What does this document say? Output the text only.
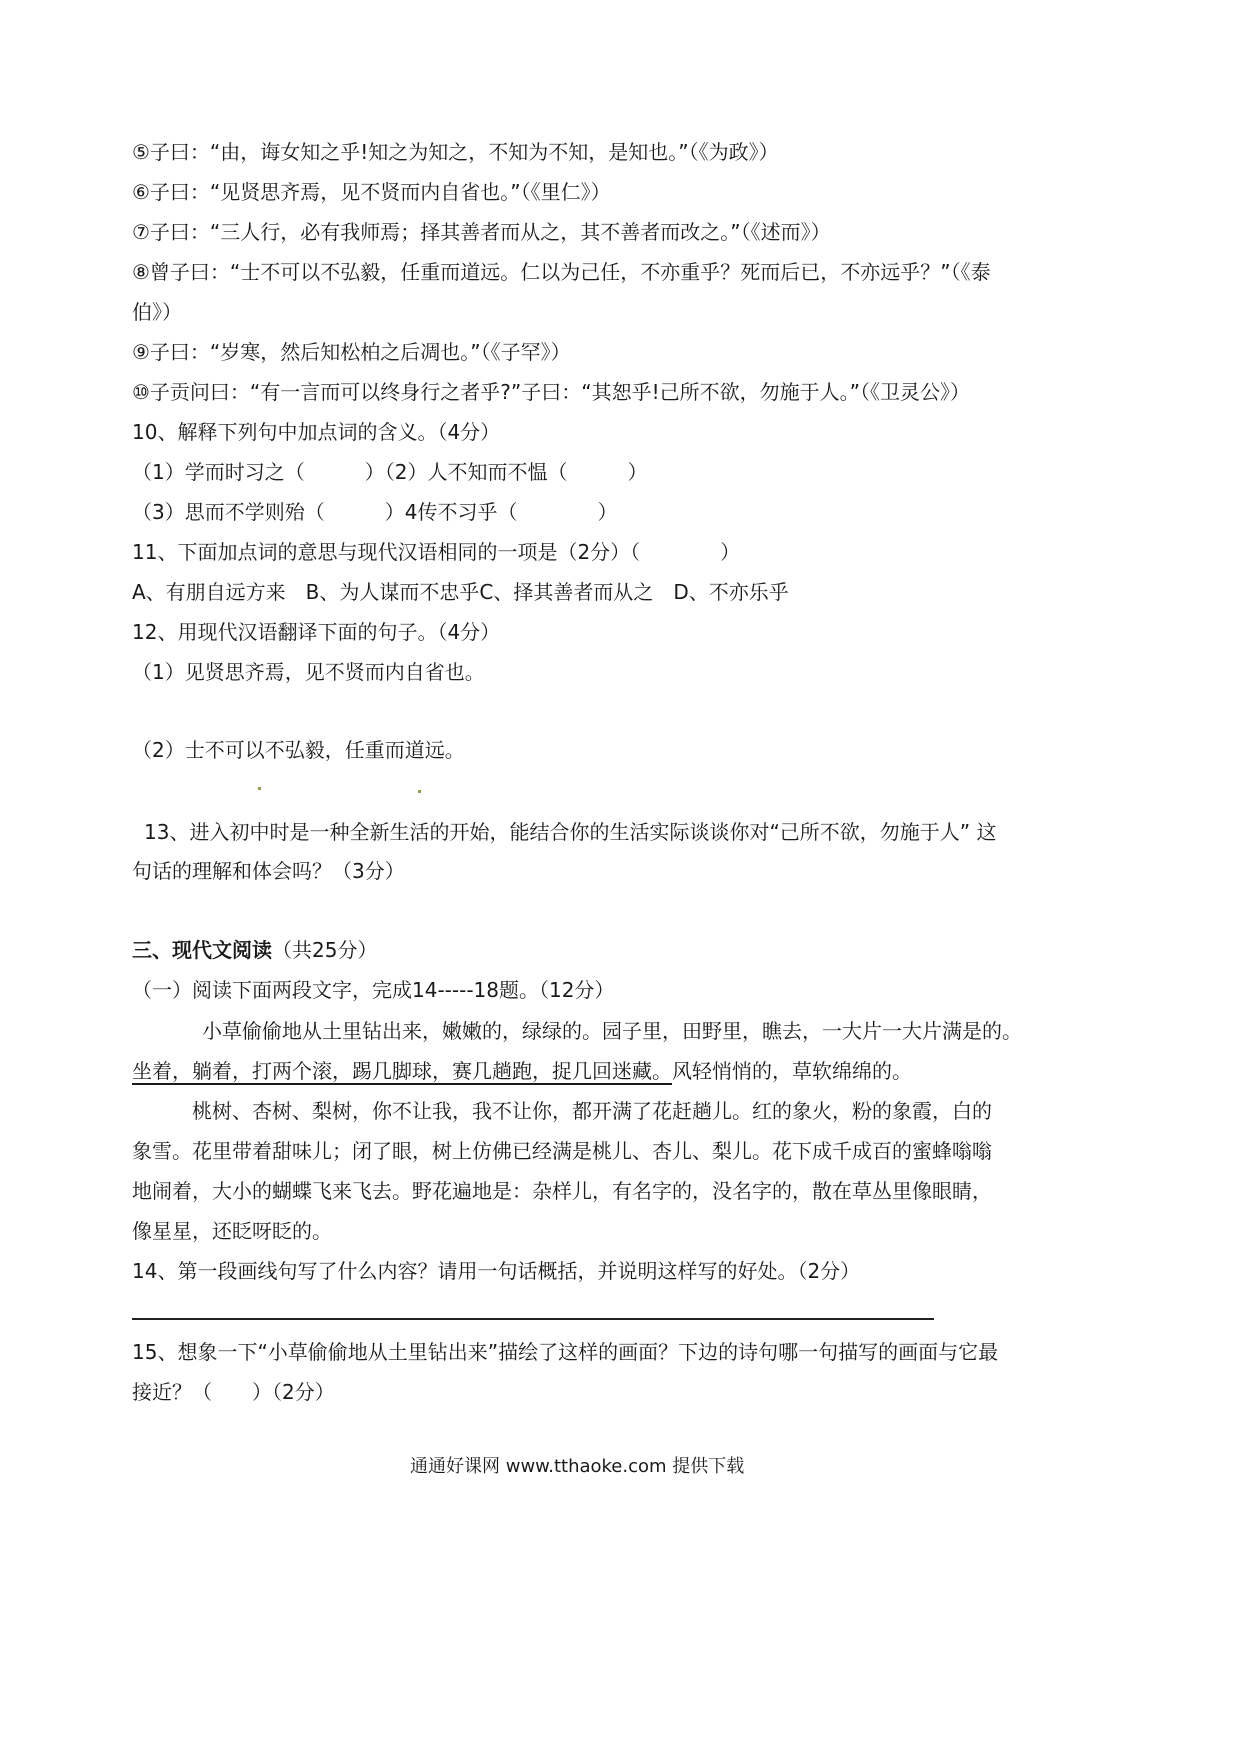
⑤子曰：“由，诲女知之乎!知之为知之，不知为不知，是知也。”（《为政》）
⑥子曰：“见贤思齐焉，见不贤而内自省也。”（《里仁》）
⑦子曰：“三人行，必有我师焉；择其善者而从之，其不善者而改之。”（《述而》）
⑧曾子曰：“士不可以不弘毅，任重而道远。仁以为己任，不亦重乎？死而后已，不亦远乎？”（《泰
伯》）
⑨子曰：“岁寒，然后知松柏之后凋也。”（《子罕》）
⑩子贡问曰：“有一言而可以终身行之者乎?”子曰：“其恕乎!己所不欲，勿施于人。”（《卫灵公》）
10、解释下列句中加点词的含义。（4分）
（1）学而时习之（　　　）（2）人不知而不愠（　　　）
（3）思而不学则殆（　　　）4传不习乎（　　　　）
11、下面加点词的意思与现代汉语相同的一项是（2分）（　　　　）
A、有朋自远方来　B、为人谋而不忠乎C、择其善者而从之　D、不亦乐乎
12、用现代汉语翻译下面的句子。（4分）
（1）见贤思齐焉，见不贤而内自省也。
（2）士不可以不弘毅，任重而道远。
13、进入初中时是一种全新生活的开始，能结合你的生活实际谈谈你对“己所不欲，勿施于人” 这
句话的理解和体会吗？（3分）
三、现代文阅读（共25分）
（一）阅读下面两段文字，完成14-----18题。（12分）
小草偷偷地从土里钻出来，嫩嫩的，绿绿的。园子里，田野里，瞧去，一大片一大片满是的。
坐着，躺着，打两个滚，踢几脚球，赛几趟跑，捉几回迷藏。风轻悄悄的，草软绵绵的。
桃树、杏树、梨树，你不让我，我不让你，都开满了花赶趟儿。红的象火，粉的象霞，白的
象雪。花里带着甜味儿；闭了眼，树上仿佛已经满是桃儿、杏儿、梨儿。花下成千成百的蜜蜂嗡嗡
地闹着，大小的蝴蝶飞来飞去。野花遍地是：杂样儿，有名字的，没名字的，散在草丛里像眼睛，
像星星，还眨呀眨的。
14、第一段画线句写了什么内容？请用一句话概括，并说明这样写的好处。（2分）
15、想象一下“小草偷偷地从土里钻出来”描绘了这样的画面？下边的诗句哪一句描写的画面与它最
接近？（　　）（2分）
通通好课网 www.tthaoke.com 提供下载
